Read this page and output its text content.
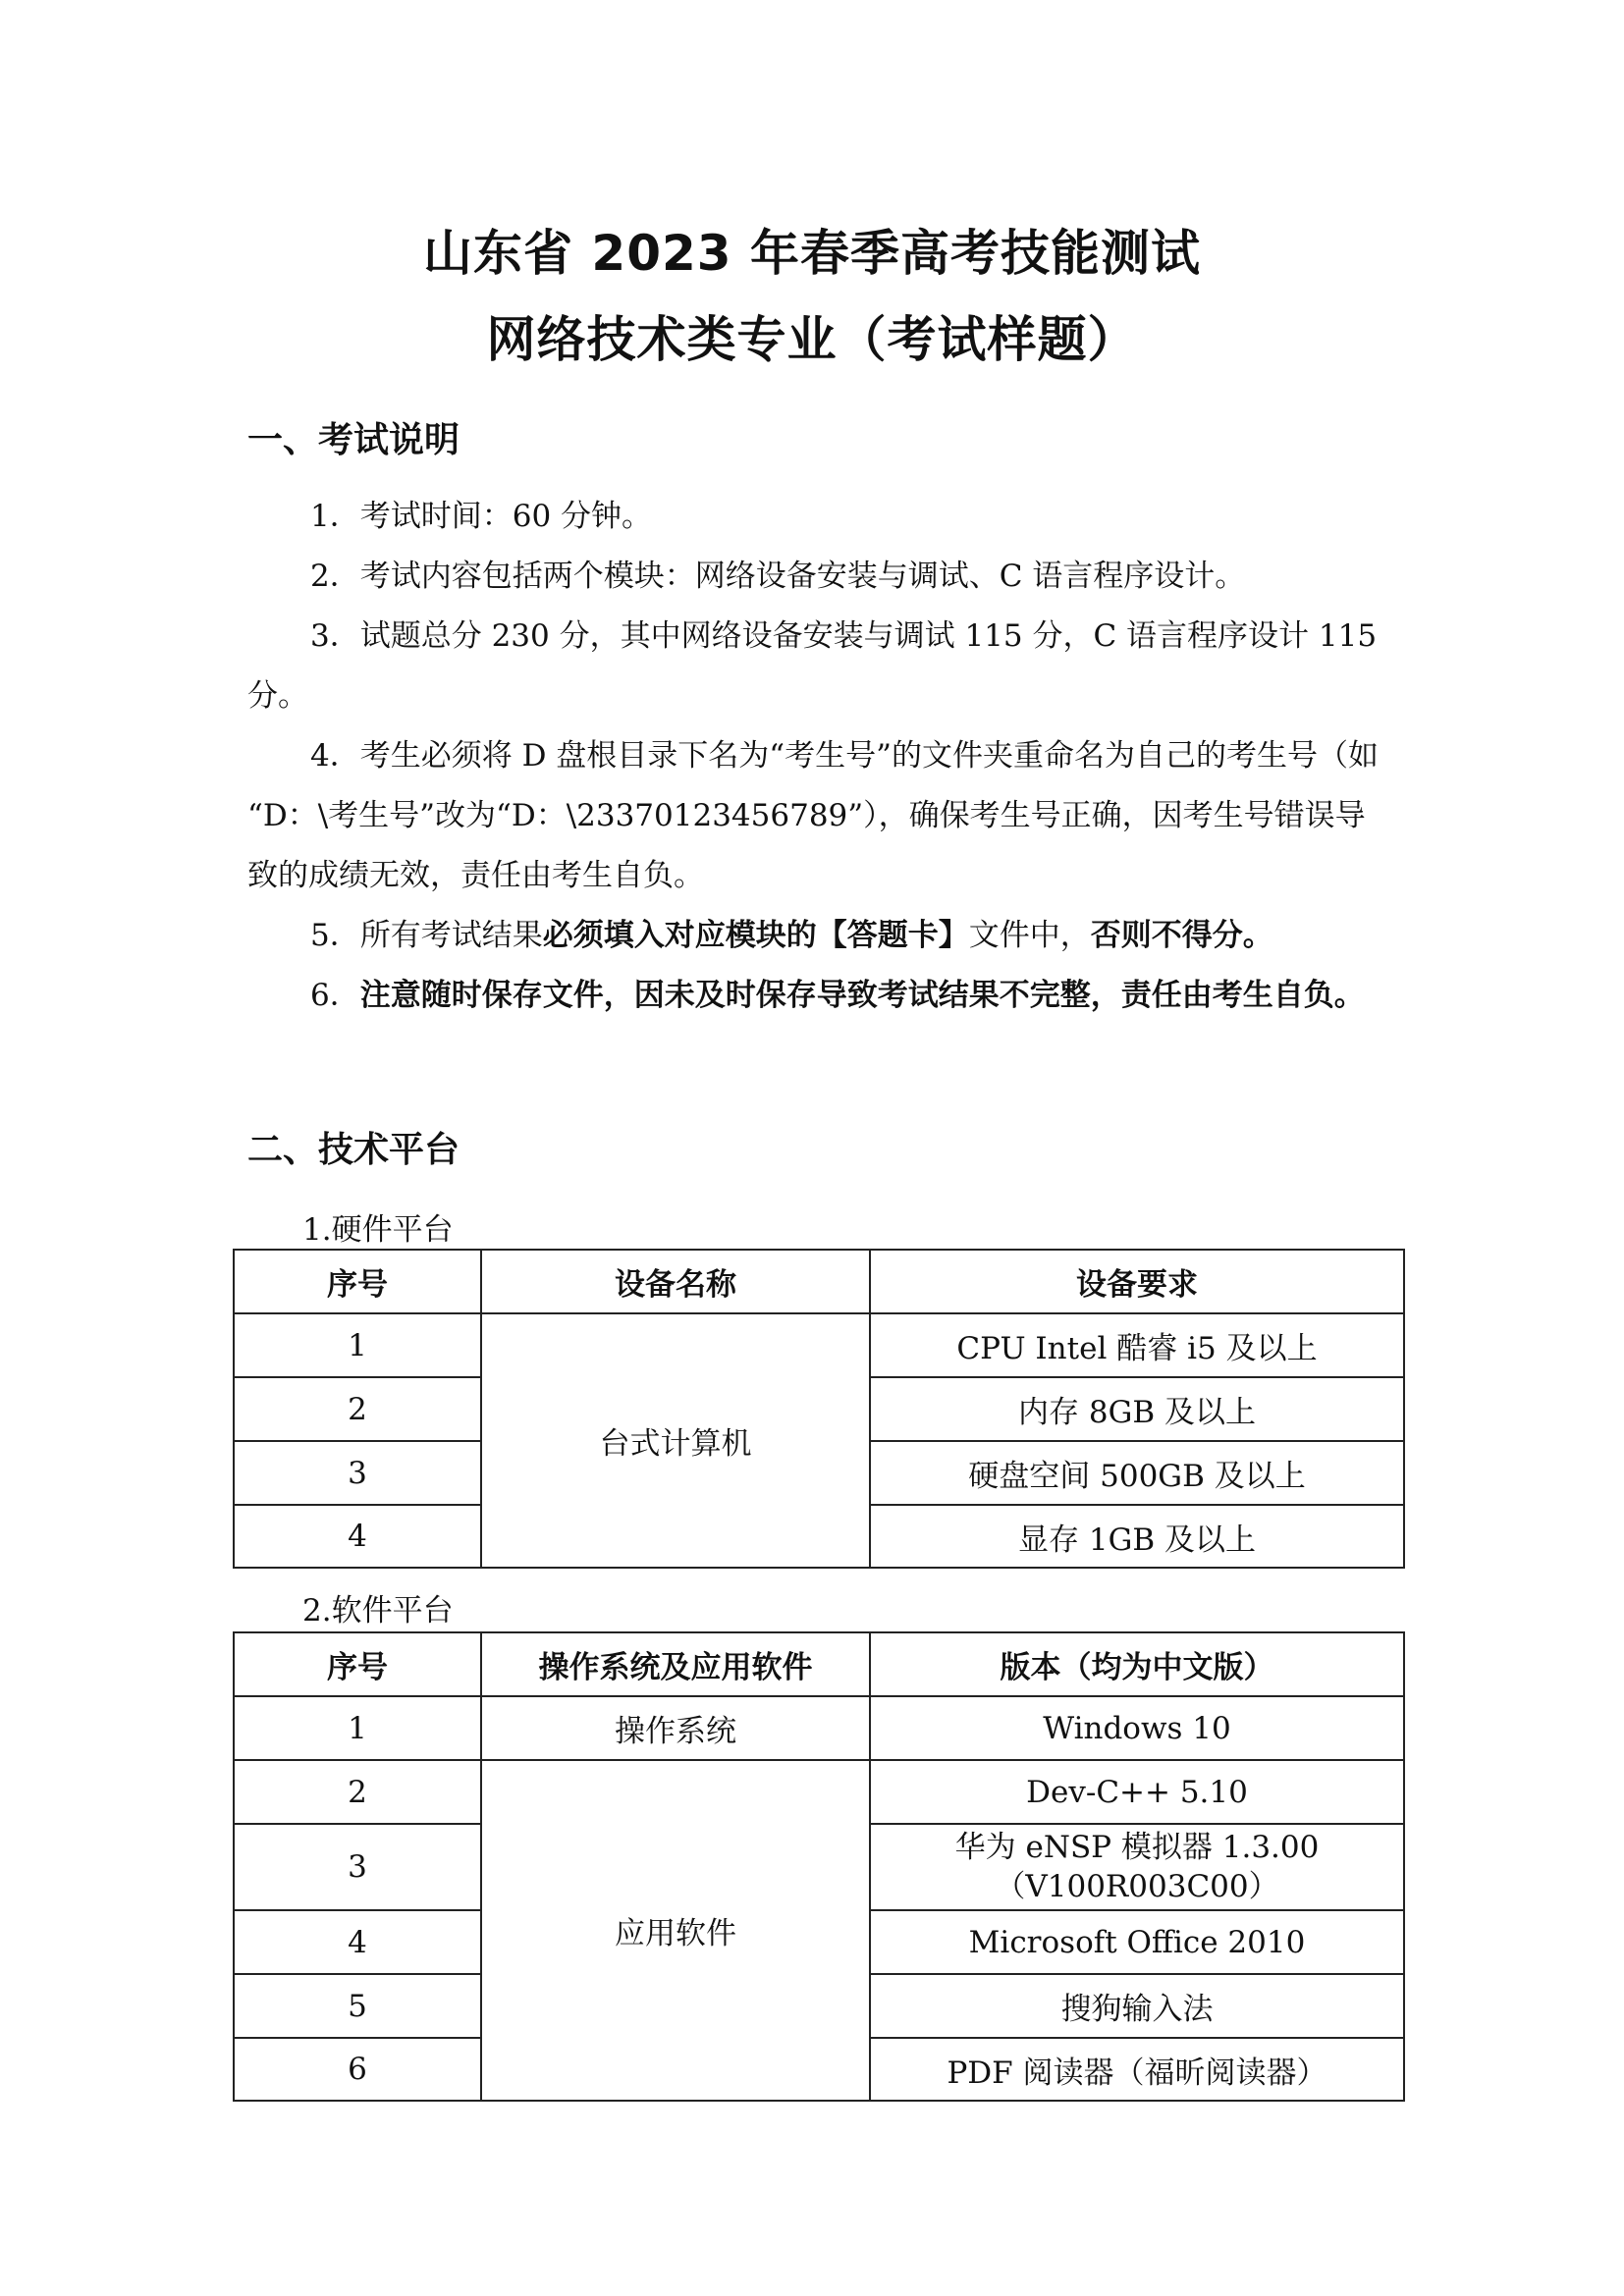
山东省 2023 年春季高考技能测试
网络技术类专业（考试样题）
一、考试说明

1．考试时间：60 分钟。

2．考试内容包括两个模块：网络设备安装与调试、C 语言程序设计。

3．试题总分 230 分，其中网络设备安装与调试 115 分，C 语言程序设计 115 分。

4．考生必须将 D 盘根目录下名为“考生号”的文件夹重命名为自己的考生号（如 “D：\考生号”改为“D：\23370123456789”），确保考生号正确，因考生号错误导致的成绩无效，责任由考生自负。

5．所有考试结果必须填入对应模块的【答题卡】文件中，否则不得分。

6．注意随时保存文件，因未及时保存导致考试结果不完整，责任由考生自负。

二、技术平台
1.硬件平台
序号	设备名称	设备要求
1	台式计算机	CPU Intel 酷睿 i5 及以上
2		内存 8GB 及以上
3		硬盘空间 500GB 及以上
4		显存 1GB 及以上
2.软件平台
序号	操作系统及应用软件	版本（均为中文版）
1	操作系统	Windows 10
2	应用软件	Dev-C++ 5.10
3		华为 eNSP 模拟器 1.3.00
（V100R003C00）

4		Microsoft Office 2010
5		搜狗输入法
6		PDF 阅读器（福昕阅读器）
